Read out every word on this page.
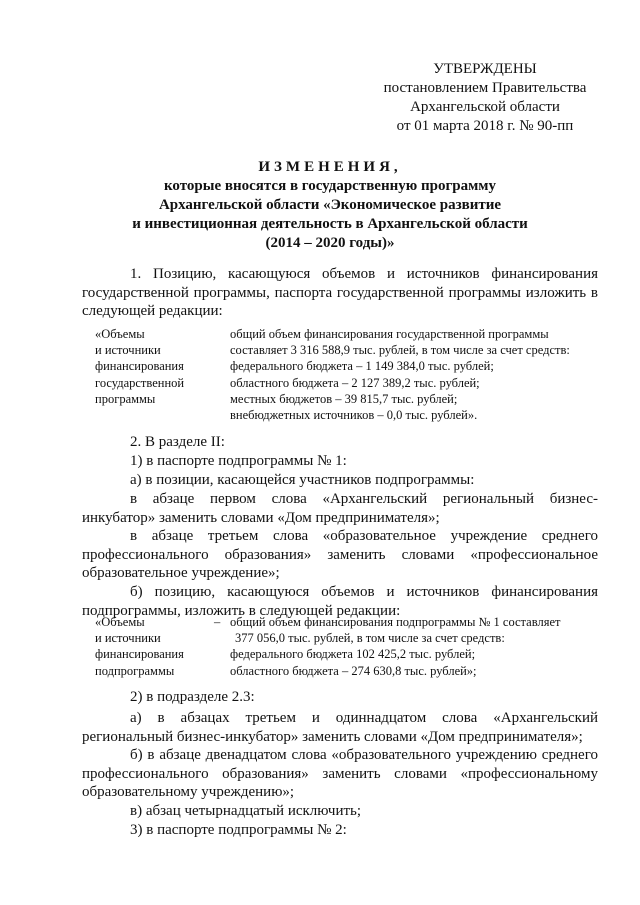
УТВЕРЖДЕНЫ
постановлением Правительства
Архангельской области
от 01 марта 2018 г. № 90-пп
ИЗМЕНЕНИЯ,
которые вносятся в государственную программу
Архангельской области «Экономическое развитие
и инвестиционная деятельность в Архангельской области
(2014 – 2020 годы)»
1. Позицию, касающуюся объемов и источников финансирования государственной программы, паспорта государственной программы изложить в следующей редакции:
«Объемы
и источники
финансирования
государственной
программы
общий объем финансирования государственной программы
составляет 3 316 588,9 тыс. рублей, в том числе за счет средств:
федерального бюджета – 1 149 384,0 тыс. рублей;
областного бюджета – 2 127 389,2 тыс. рублей;
местных бюджетов – 39 815,7 тыс. рублей;
внебюджетных источников – 0,0 тыс. рублей».
2. В разделе II:
1) в паспорте подпрограммы № 1:
а) в позиции, касающейся участников подпрограммы:
в абзаце первом слова «Архангельский региональный бизнес-инкубатор» заменить словами «Дом предпринимателя»;
в абзаце третьем слова «образовательное учреждение среднего профессионального образования» заменить словами «профессиональное образовательное учреждение»;
б) позицию, касающуюся объемов и источников финансирования подпрограммы, изложить в следующей редакции:
«Объемы
и источники
финансирования
подпрограммы
– общий объем финансирования подпрограммы № 1 составляет
377 056,0 тыс. рублей, в том числе за счет средств:
федерального бюджета 102 425,2 тыс. рублей;
областного бюджета – 274 630,8 тыс. рублей»;
2) в подразделе 2.3:
а) в абзацах третьем и одиннадцатом слова «Архангельский региональный бизнес-инкубатор» заменить словами «Дом предпринимателя»;
б) в абзаце двенадцатом слова «образовательного учреждению среднего профессионального образования» заменить словами «профессиональному образовательному учреждению»;
в) абзац четырнадцатый исключить;
3) в паспорте подпрограммы № 2:
